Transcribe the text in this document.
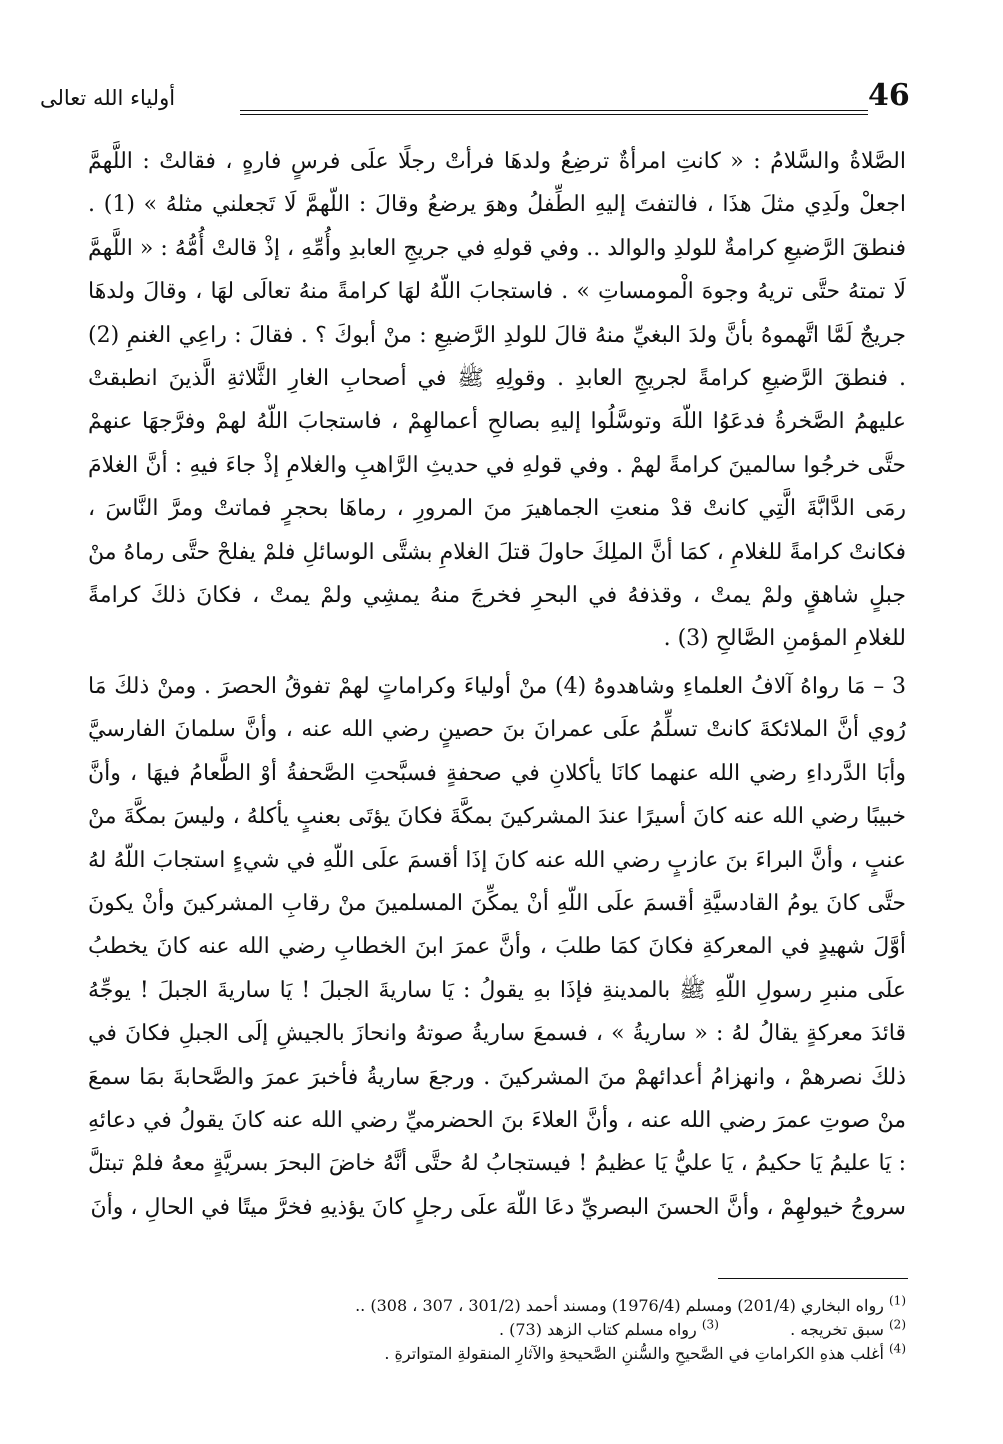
46
أولياء الله تعالى

الصَّلاةُ والسَّلامُ : « كانتِ امرأةٌ ترضِعُ ولدهَا فرأتْ رجلًا علَى فرسٍ فارهٍ ، فقالتْ : اللَّهمَّ اجعلْ ولَدِي مثلَ هذَا ، فالتفتَ إليهِ الطِّفلُ وهوَ يرضعُ وقالَ : اللّهمَّ لَا تَجعلني مثلهُ » (1) . فنطقَ الرَّضيعِ كرامةٌ للولدِ والوالد .. وفي قولهِ في جريجِ العابدِ وأُمِّهِ ، إذْ قالتْ أُمُّهُ : « اللَّهمَّ لَا تمتهُ حتَّى تريهُ وجوهَ الْمومساتِ » . فاستجابَ اللّهُ لهَا كرامةً منهُ تعالَى لهَا ، وقالَ ولدهَا جريجٌ لَمَّا اتَّهموهُ بأنَّ ولدَ البغيِّ منهُ قالَ للولدِ الرَّضيعِ : منْ أبوكَ ؟ . فقالَ : راعِي الغنمِ (2) . فنطقَ الرَّضيعِ كرامةً لجريجِ العابدِ . وقولِهِ ﷺ في أصحابِ الغارِ الثَّلاثةِ الَّذينَ انطبقتْ عليهمُ الصَّخرةُ فدعَوُا اللّهَ وتوسَّلُوا إليهِ بصالحِ أعمالهِمْ ، فاستجابَ اللّهُ لهمْ وفرَّجهَا عنهمْ حتَّى خرجُوا سالمينَ كرامةً لهمْ . وفي قولهِ في حديثِ الرَّاهبِ والغلامِ إذْ جاءَ فيهِ : أنَّ الغلامَ رمَى الدَّابَّةَ الَّتِي كانتْ قدْ منعتِ الجماهيرَ منَ المرورِ ، رماهَا بحجرٍ فماتتْ ومرَّ النَّاسَ ، فكانتْ كرامةً للغلامِ ، كمَا أنَّ الملِكَ حاولَ قتلَ الغلامِ بشتَّى الوسائلِ فلمْ يفلحْ حتَّى رماهُ منْ جبلٍ شاهقٍ ولمْ يمتْ ، وقذفهُ في البحرِ فخرجَ منهُ يمشِي ولمْ يمتْ ، فكانَ ذلكَ كرامةً للغلامِ المؤمنِ الصَّالحِ (3) .

3 – مَا رواهُ آلافُ العلماءِ وشاهدوهُ (4) منْ أولياءَ وكراماتٍ لهمْ تفوقُ الحصرَ . ومنْ ذلكَ مَا رُوي أنَّ الملائكةَ كانتْ تسلِّمُ علَى عمرانَ بنَ حصينٍ رضي الله عنه ، وأنَّ سلمانَ الفارسيَّ وأبَا الدَّرداءِ رضي الله عنهما كانَا يأكلانِ في صحفةٍ فسبَّحتِ الصَّحفةُ أوْ الطَّعامُ فيهَا ، وأنَّ خبيبًا رضي الله عنه كانَ أسيرًا عندَ المشركينَ بمكَّةَ فكانَ يؤتَى بعنبٍ يأكلهُ ، وليسَ بمكَّةَ منْ عنبٍ ، وأنَّ البراءَ بنَ عازبٍ رضي الله عنه كانَ إذَا أقسمَ علَى اللّهِ في شيءٍ استجابَ اللّهُ لهُ حتَّى كانَ يومُ القادسيَّةِ أقسمَ علَى اللّهِ أنْ يمكِّنَ المسلمينَ منْ رقابِ المشركينَ وأنْ يكونَ أوَّلَ شهيدٍ في المعركةِ فكانَ كمَا طلبَ ، وأنَّ عمرَ ابنَ الخطابِ رضي الله عنه كانَ يخطبُ علَى منبرِ رسولِ اللّهِ ﷺ بالمدينةِ فإذَا بهِ يقولُ : يَا ساريةَ الجبلَ ! يَا ساريةَ الجبلَ ! يوجِّهُ قائدَ معركةٍ يقالُ لهُ : « ساريةُ » ، فسمعَ ساريةُ صوتهُ وانحازَ بالجيشِ إلَى الجبلِ فكانَ في ذلكَ نصرهمْ ، وانهزامُ أعدائهمْ منَ المشركينَ . ورجعَ ساريةُ فأخبرَ عمرَ والصَّحابةَ بمَا سمعَ منْ صوتِ عمرَ رضي الله عنه ، وأنَّ العلاءَ بنَ الحضرميِّ رضي الله عنه كانَ يقولُ في دعائهِ : يَا عليمُ يَا حكيمُ ، يَا عليُّ يَا عظيمُ ! فيستجابُ لهُ حتَّى أنَّهُ خاضَ البحرَ بسريَّةٍ معهُ فلمْ تبتلَّ سروجُ خيولهِمْ ، وأنَّ الحسنَ البصريِّ دعَا اللّهَ علَى رجلٍ كانَ يؤذيهِ فخرَّ ميتًا في الحالِ ، وأنَ

$^{(1)}$ رواه البخاري (201/4) ومسلم (1976/4) ومسند أحمد (301/2 ، 307 ، 308) ..
$^{(2)}$ سبق تخريجه .              $^{(3)}$ رواه مسلم كتاب الزهد (73) .
$^{(4)}$ أغلب هذهِ الكراماتِ في الصَّحيحِ والسُّننِ الصَّحيحةِ والآثارِ المنقولةِ المتواترةِ .
